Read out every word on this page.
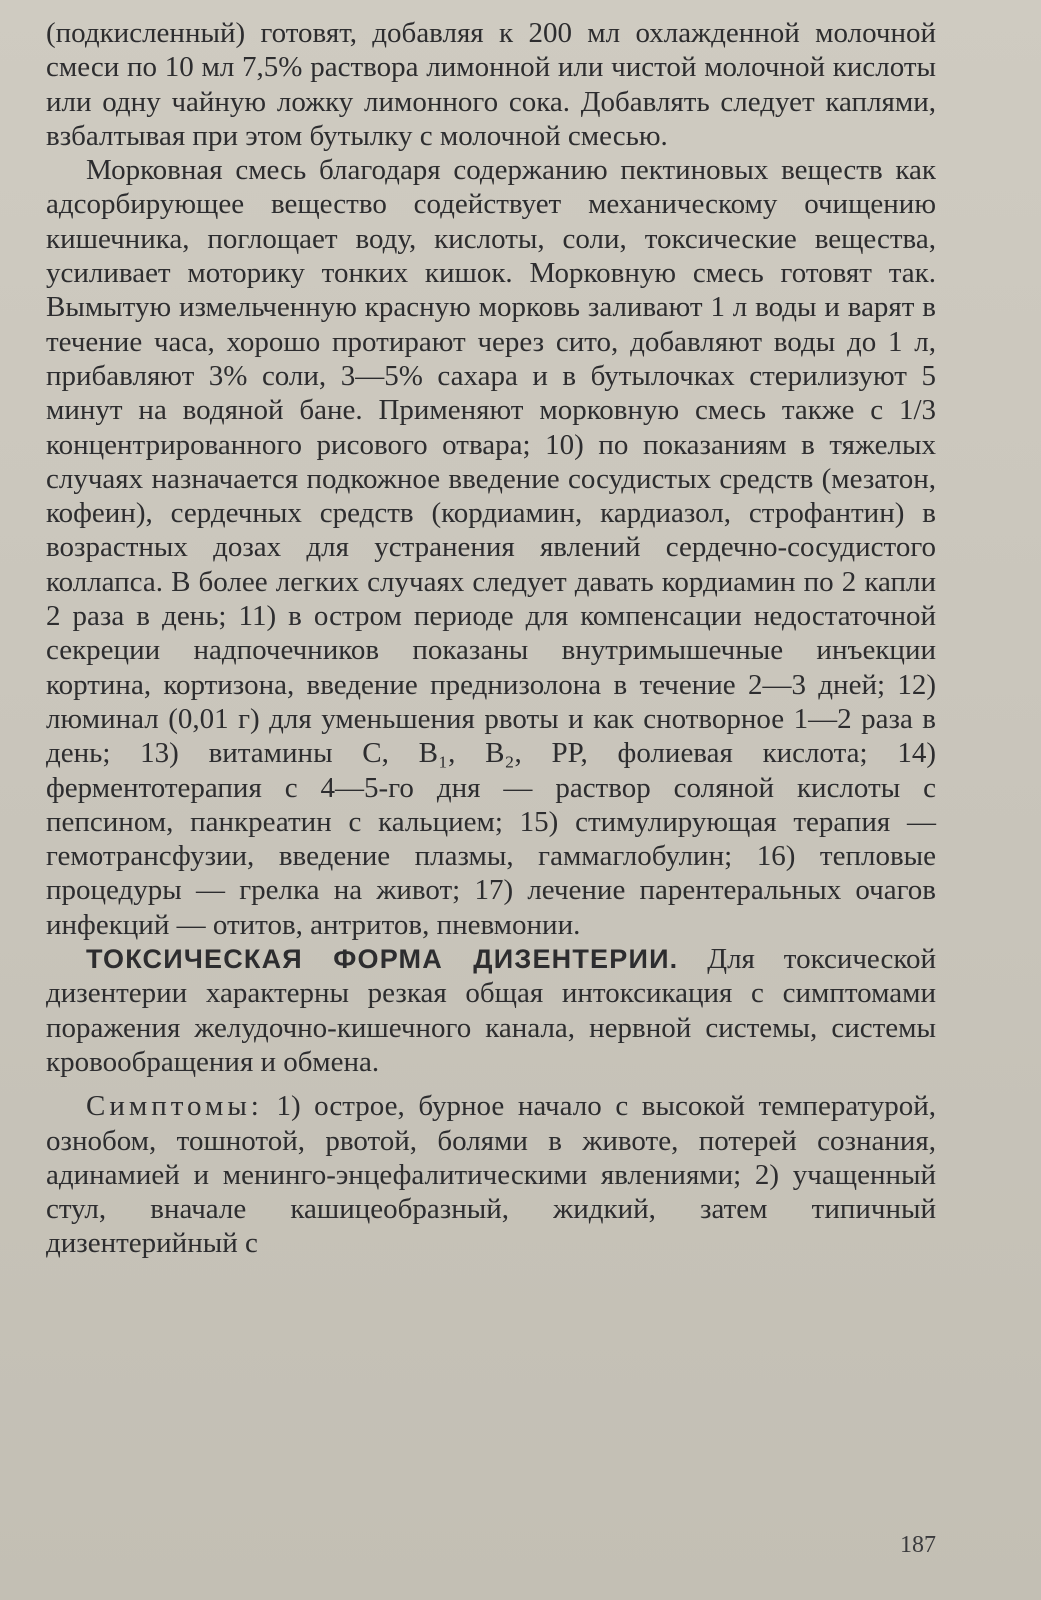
(подкисленный) готовят, добавляя к 200 мл охлажденной молочной смеси по 10 мл 7,5% раствора лимонной или чистой молочной кислоты или одну чайную ложку лимонного сока. Добавлять следует каплями, взбалтывая при этом бутылку с молочной смесью.

Морковная смесь благодаря содержанию пектиновых веществ как адсорбирующее вещество содействует механическому очищению кишечника, поглощает воду, кислоты, соли, токсические вещества, усиливает моторику тонких кишок. Морковную смесь готовят так. Вымытую измельченную красную морковь заливают 1 л воды и варят в течение часа, хорошо протирают через сито, добавляют воды до 1 л, прибавляют 3% соли, 3—5% сахара и в бутылочках стерилизуют 5 минут на водяной бане. Применяют морковную смесь также с 1/3 концентрированного рисового отвара; 10) по показаниям в тяжелых случаях назначается подкожное введение сосудистых средств (мезатон, кофеин), сердечных средств (кордиамин, кардиазол, строфантин) в возрастных дозах для устранения явлений сердечно-сосудистого коллапса. В более легких случаях следует давать кордиамин по 2 капли 2 раза в день; 11) в остром периоде для компенсации недостаточной секреции надпочечников показаны внутримышечные инъекции кортина, кортизона, введение преднизолона в течение 2—3 дней; 12) люминал (0,01 г) для уменьшения рвоты и как снотворное 1—2 раза в день; 13) витамины C, B₁, B₂, PP, фолиевая кислота; 14) ферментотерапия с 4—5-го дня — раствор соляной кислоты с пепсином, панкреатин с кальцием; 15) стимулирующая терапия — гемотрансфузии, введение плазмы, гаммаглобулин; 16) тепловые процедуры — грелка на живот; 17) лечение парентеральных очагов инфекций — отитов, антритов, пневмонии.

ТОКСИЧЕСКАЯ ФОРМА ДИЗЕНТЕРИИ. Для токсической дизентерии характерны резкая общая интоксикация с симптомами поражения желудочно-кишечного канала, нервной системы, системы кровообращения и обмена.

Симптомы: 1) острое, бурное начало с высокой температурой, ознобом, тошнотой, рвотой, болями в животе, потерей сознания, адинамией и менинго-энцефалитическими явлениями; 2) учащенный стул, вначале кашицеобразный, жидкий, затем типичный дизентерийный с

187
